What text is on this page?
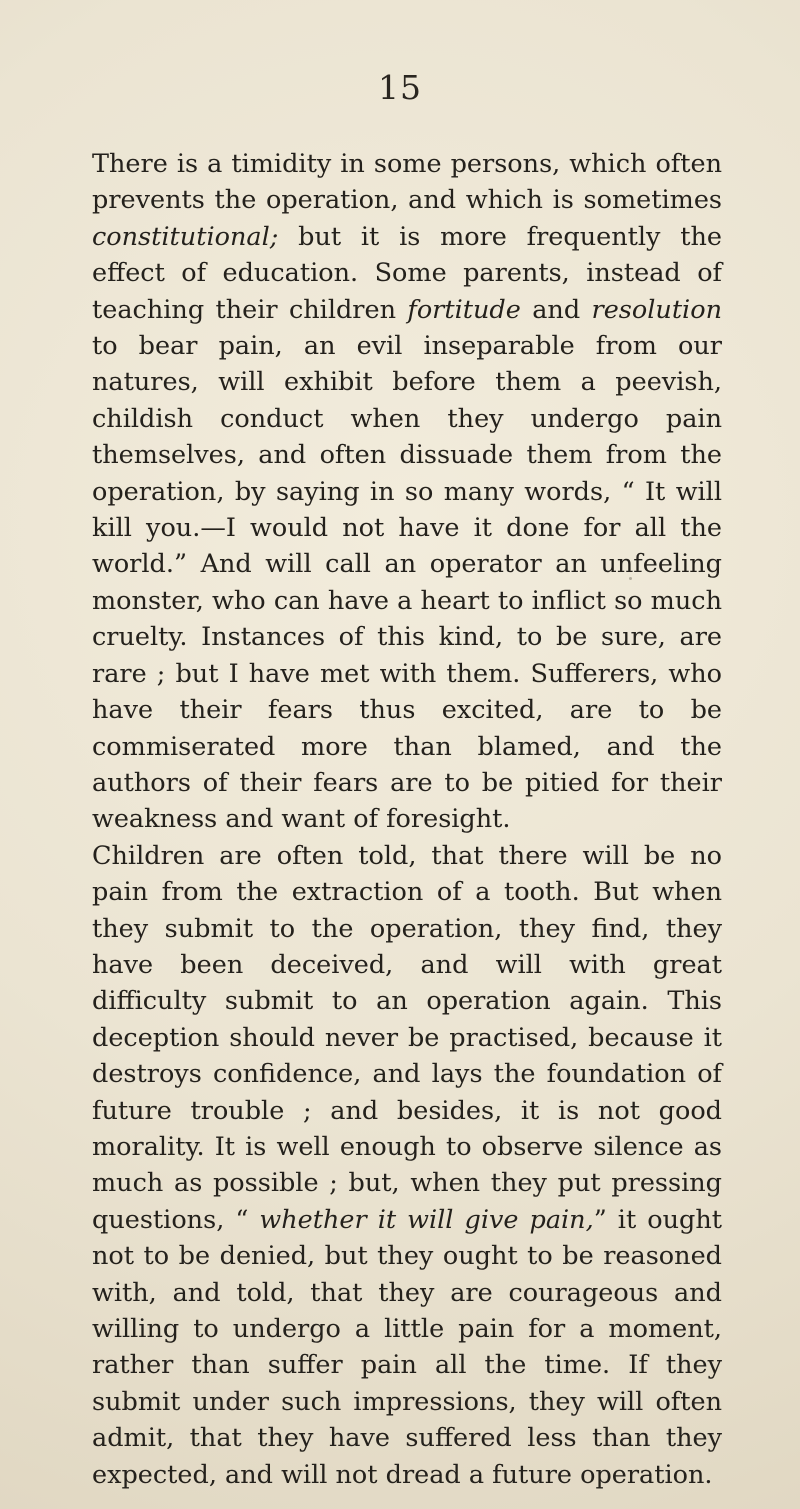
15

There is a timidity in some persons, which often prevents the operation, and which is sometimes constitutional; but it is more frequently the effect of education. Some parents, instead of teaching their children fortitude and resolution to bear pain, an evil inseparable from our natures, will exhibit before them a peevish, childish conduct when they undergo pain themselves, and often dissuade them from the operation, by saying in so many words, “ It will kill you.—I would not have it done for all the world.” And will call an operator an unfeeling monster, who can have a heart to inflict so much cruelty. Instances of this kind, to be sure, are rare ; but I have met with them. Sufferers, who have their fears thus excited, are to be commiserated more than blamed, and the authors of their fears are to be pitied for their weakness and want of foresight.

Children are often told, that there will be no pain from the extraction of a tooth. But when they submit to the operation, they find, they have been deceived, and will with great difficulty submit to an operation again. This deception should never be practised, because it destroys confidence, and lays the foundation of future trouble ; and besides, it is not good morality. It is well enough to observe silence as much as possible ; but, when they put pressing questions, “ whether it will give pain,” it ought not to be denied, but they ought to be reasoned with, and told, that they are courageous and willing to undergo a little pain for a moment, rather than suffer pain all the time. If they submit under such impressions, they will often admit, that they have suffered less than they expected, and will not dread a future operation.
